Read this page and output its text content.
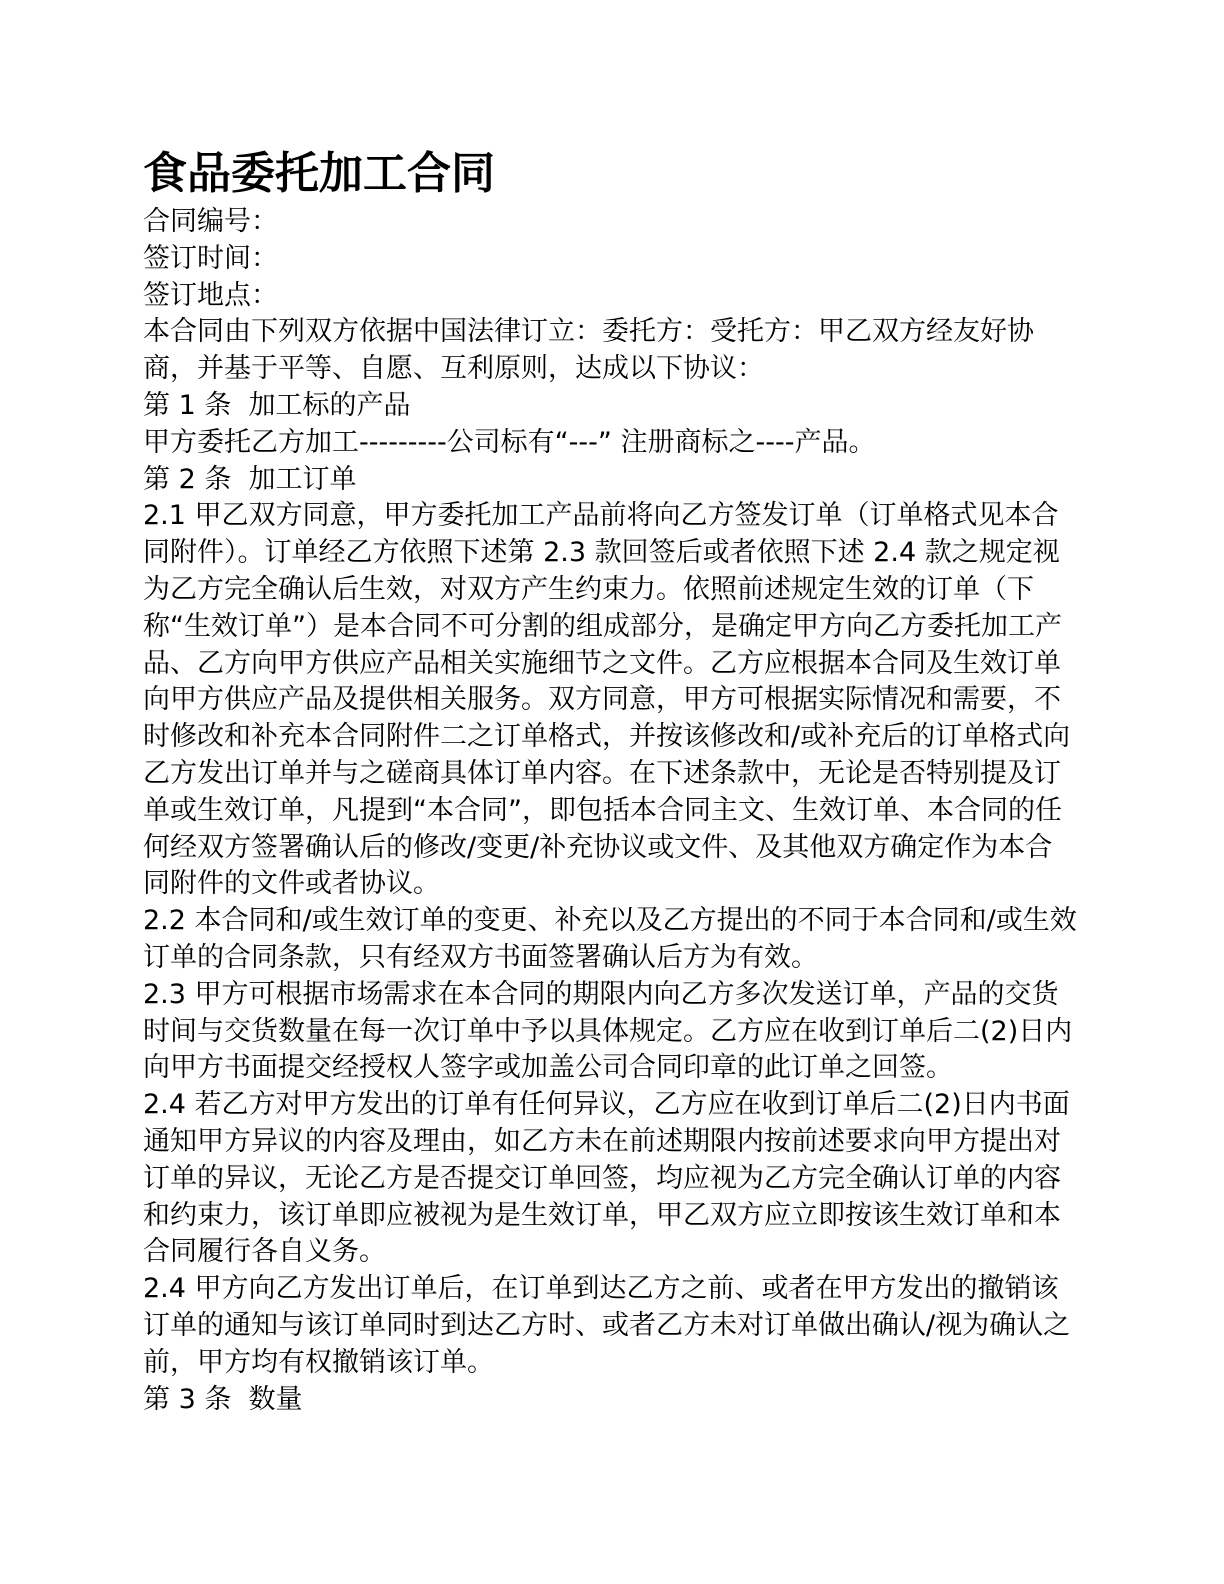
食品委托加工合同

合同编号：

签订时间：

签订地点：

本合同由下列双方依据中国法律订立：委托方：受托方：甲乙双方经友好协商，并基于平等、自愿、互利原则，达成以下协议：

第 1 条  加工标的产品

甲方委托乙方加工---------公司标有“---” 注册商标之----产品。

第 2 条  加工订单

2.1 甲乙双方同意，甲方委托加工产品前将向乙方签发订单（订单格式见本合同附件）。订单经乙方依照下述第 2.3 款回签后或者依照下述 2.4 款之规定视为乙方完全确认后生效，对双方产生约束力。依照前述规定生效的订单（下称“生效订单”）是本合同不可分割的组成部分，是确定甲方向乙方委托加工产品、乙方向甲方供应产品相关实施细节之文件。乙方应根据本合同及生效订单向甲方供应产品及提供相关服务。双方同意，甲方可根据实际情况和需要，不时修改和补充本合同附件二之订单格式，并按该修改和/或补充后的订单格式向乙方发出订单并与之磋商具体订单内容。在下述条款中，无论是否特别提及订单或生效订单，凡提到“本合同”，即包括本合同主文、生效订单、本合同的任何经双方签署确认后的修改/变更/补充协议或文件、及其他双方确定作为本合同附件的文件或者协议。

2.2 本合同和/或生效订单的变更、补充以及乙方提出的不同于本合同和/或生效订单的合同条款，只有经双方书面签署确认后方为有效。

2.3 甲方可根据市场需求在本合同的期限内向乙方多次发送订单，产品的交货时间与交货数量在每一次订单中予以具体规定。乙方应在收到订单后二(2)日内向甲方书面提交经授权人签字或加盖公司合同印章的此订单之回签。

2.4 若乙方对甲方发出的订单有任何异议，乙方应在收到订单后二(2)日内书面通知甲方异议的内容及理由，如乙方未在前述期限内按前述要求向甲方提出对订单的异议，无论乙方是否提交订单回签，均应视为乙方完全确认订单的内容和约束力，该订单即应被视为是生效订单，甲乙双方应立即按该生效订单和本合同履行各自义务。

2.4 甲方向乙方发出订单后，在订单到达乙方之前、或者在甲方发出的撤销该订单的通知与该订单同时到达乙方时、或者乙方未对订单做出确认/视为确认之前，甲方均有权撤销该订单。

第 3 条  数量
